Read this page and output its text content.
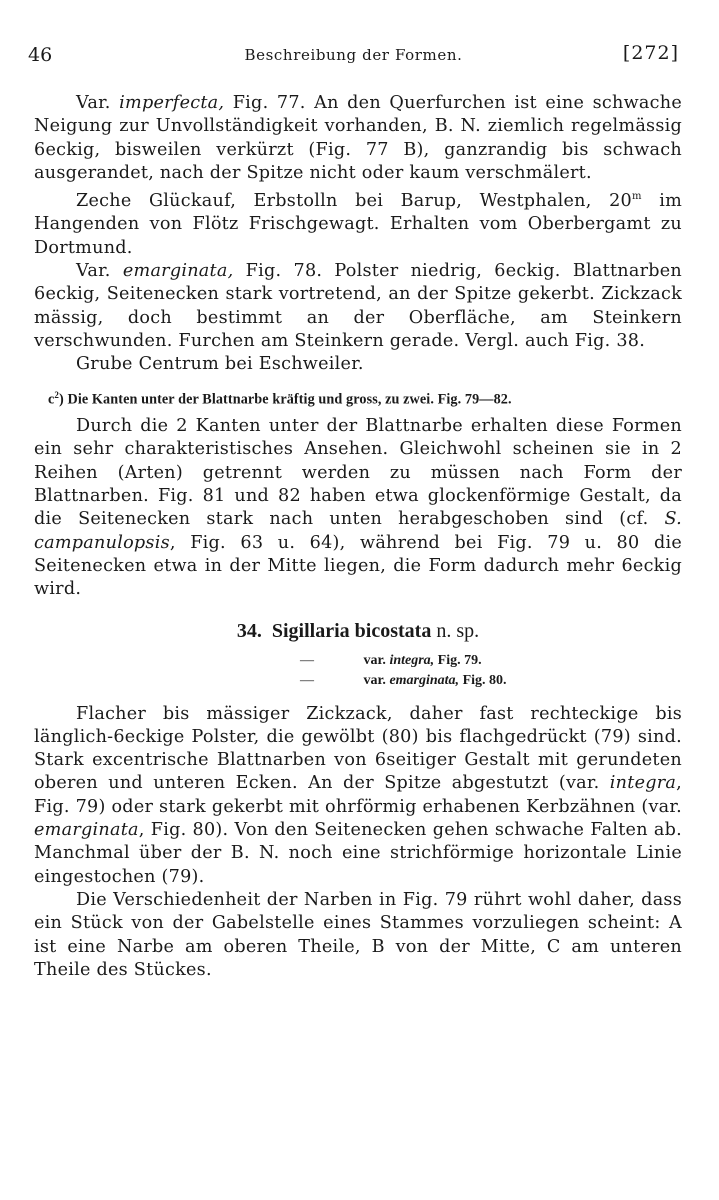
46	Beschreibung der Formen.	[272]

Var. imperfecta, Fig. 77. An den Querfurchen ist eine schwache Neigung zur Unvollständigkeit vorhanden, B. N. ziemlich regelmässig 6eckig, bisweilen verkürzt (Fig. 77 B), ganzrandig bis schwach ausgerandet, nach der Spitze nicht oder kaum verschmälert.

Zeche Glückauf, Erbstolln bei Barup, Westphalen, 20$^m$ im Hangenden von Flötz Frischgewagt. Erhalten vom Oberbergamt zu Dortmund.

Var. emarginata, Fig. 78. Polster niedrig, 6eckig. Blattnarben 6eckig, Seitenecken stark vortretend, an der Spitze gekerbt. Zickzack mässig, doch bestimmt an der Oberfläche, am Steinkern verschwunden. Furchen am Steinkern gerade. Vergl. auch Fig. 38.

Grube Centrum bei Eschweiler.

$c^2$) Die Kanten unter der Blattnarbe kräftig und gross, zu zwei. Fig. 79—82.

Durch die 2 Kanten unter der Blattnarbe erhalten diese Formen ein sehr charakteristisches Ansehen. Gleichwohl scheinen sie in 2 Reihen (Arten) getrennt werden zu müssen nach Form der Blattnarben. Fig. 81 und 82 haben etwa glockenförmige Gestalt, da die Seitenecken stark nach unten herabgeschoben sind (cf. S. campanulopsis, Fig. 63 u. 64), während bei Fig. 79 u. 80 die Seitenecken etwa in der Mitte liegen, die Form dadurch mehr 6eckig wird.

34. Sigillaria bicostata n. sp.
—	var. integra, Fig. 79.
—	var. emarginata, Fig. 80.

Flacher bis mässiger Zickzack, daher fast rechteckige bis länglich-6eckige Polster, die gewölbt (80) bis flachgedrückt (79) sind. Stark excentrische Blattnarben von 6seitiger Gestalt mit gerundeten oberen und unteren Ecken. An der Spitze abgestutzt (var. integra, Fig. 79) oder stark gekerbt mit ohrförmig erhabenen Kerbzähnen (var. emarginata, Fig. 80). Von den Seitenecken gehen schwache Falten ab. Manchmal über der B. N. noch eine strichförmige horizontale Linie eingestochen (79).

Die Verschiedenheit der Narben in Fig. 79 rührt wohl daher, dass ein Stück von der Gabelstelle eines Stammes vorzuliegen scheint: A ist eine Narbe am oberen Theile, B von der Mitte, C am unteren Theile des Stückes.
